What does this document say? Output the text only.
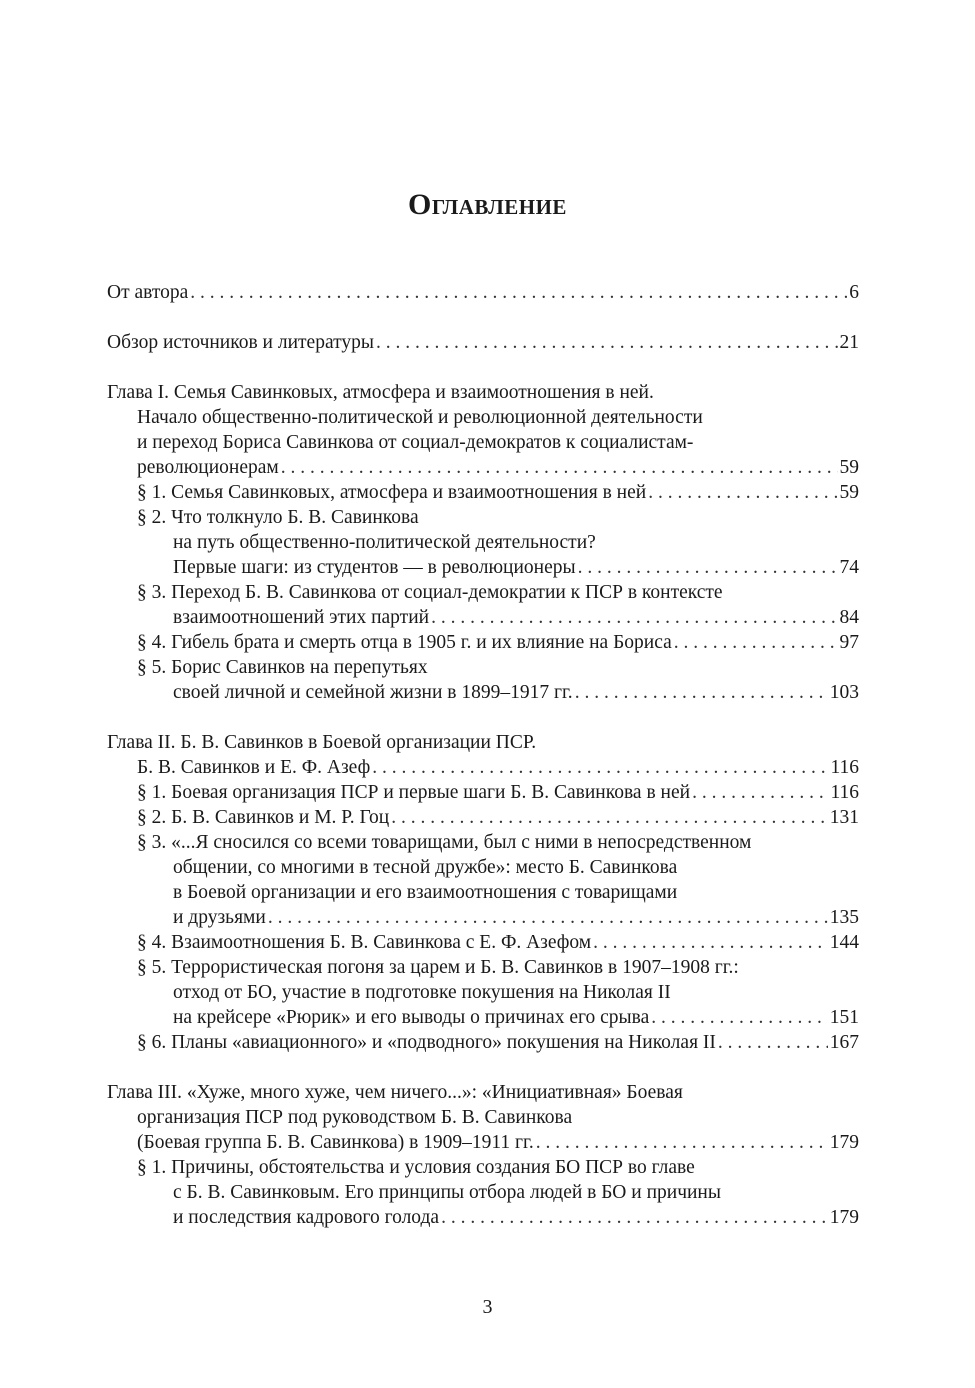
Оглавление
От автора . . .	6
Обзор источников и литературы . . .	21
Глава I. Семья Савинковых, атмосфера и взаимоотношения в ней.
Начало общественно-политической и революционной деятельности
и переход Бориса Савинкова от социал-демократов к социалистам-
революционерам . . .	59
§ 1. Семья Савинковых, атмосфера и взаимоотношения в ней . . .	59
§ 2. Что толкнуло Б. В. Савинкова
на путь общественно-политической деятельности?
Первые шаги: из студентов — в революционеры . . .	74
§ 3. Переход Б. В. Савинкова от социал-демократии к ПСР в контексте
взаимоотношений этих партий . . .	84
§ 4. Гибель брата и смерть отца в 1905 г. и их влияние на Бориса . . .	97
§ 5. Борис Савинков на перепутьях
своей личной и семейной жизни в 1899–1917 гг. . . .	103
Глава II. Б. В. Савинков в Боевой организации ПСР.
Б. В. Савинков и Е. Ф. Азеф . . .	116
§ 1. Боевая организация ПСР и первые шаги Б. В. Савинкова в ней . . .	116
§ 2. Б. В. Савинков и М. Р. Гоц . . .	131
§ 3. «...Я сносился со всеми товарищами, был с ними в непосредственном
общении, со многими в тесной дружбе»: место Б. Савинкова
в Боевой организации и его взаимоотношения с товарищами
и друзьями . . .	135
§ 4. Взаимоотношения Б. В. Савинкова с Е. Ф. Азефом . . .	144
§ 5. Террористическая погоня за царем и Б. В. Савинков в 1907–1908 гг.:
отход от БО, участие в подготовке покушения на Николая II
на крейсере «Рюрик» и его выводы о причинах его срыва . . .	151
§ 6. Планы «авиационного» и «подводного» покушения на Николая II . . .	167
Глава III. «Хуже, много хуже, чем ничего...»: «Инициативная» Боевая
организация ПСР под руководством Б. В. Савинкова
(Боевая группа Б. В. Савинкова) в 1909–1911 гг. . . .	179
§ 1. Причины, обстоятельства и условия создания БО ПСР во главе
с Б. В. Савинковым. Его принципы отбора людей в БО и причины
и последствия кадрового голода . . .	179
3
